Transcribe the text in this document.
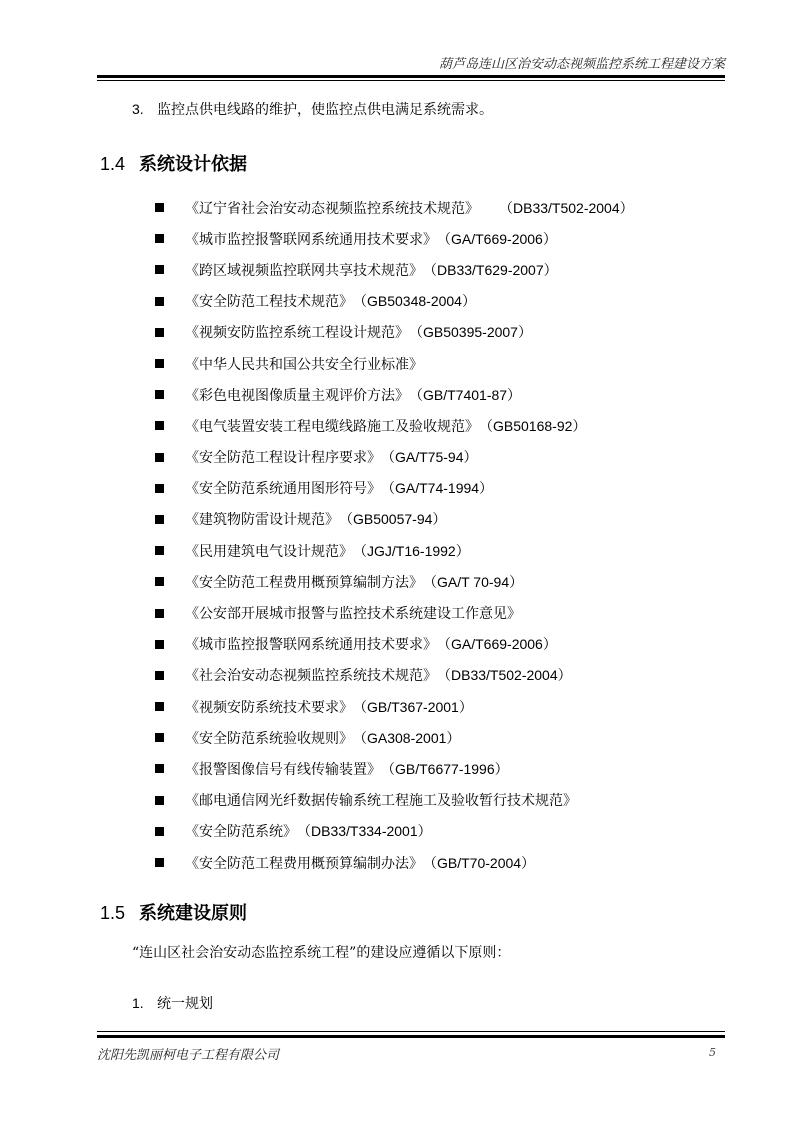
葫芦岛连山区治安动态视频监控系统工程建设方案
3. 监控点供电线路的维护，使监控点供电满足系统需求。
1.4 系统设计依据
《辽宁省社会治安动态视频监控系统技术规范》 （DB33/T502-2004）
《城市监控报警联网系统通用技术要求》 （GA/T669-2006）
《跨区域视频监控联网共享技术规范》 （DB33/T629-2007）
《安全防范工程技术规范》 （GB50348-2004）
《视频安防监控系统工程设计规范》 （GB50395-2007）
《中华人民共和国公共安全行业标准》
《彩色电视图像质量主观评价方法》 （GB/T7401-87）
《电气装置安装工程电缆线路施工及验收规范》 （GB50168-92）
《安全防范工程设计程序要求》 （GA/T75-94）
《安全防范系统通用图形符号》 （GA/T74-1994）
《建筑物防雷设计规范》 （GB50057-94）
《民用建筑电气设计规范》 （JGJ/T16-1992）
《安全防范工程费用概预算编制方法》 （GA/T 70-94）
《公安部开展城市报警与监控技术系统建设工作意见》
《城市监控报警联网系统通用技术要求》 （GA/T669-2006）
《社会治安动态视频监控系统技术规范》 （DB33/T502-2004）
《视频安防系统技术要求》 （GB/T367-2001）
《安全防范系统验收规则》 （GA308-2001）
《报警图像信号有线传输装置》 （GB/T6677-1996）
《邮电通信网光纤数据传输系统工程施工及验收暂行技术规范》
《安全防范系统》 （DB33/T334-2001）
《安全防范工程费用概预算编制办法》 （GB/T70-2004）
1.5 系统建设原则
“连山区社会治安动态监控系统工程”的建设应遵循以下原则：
1. 统一规划
沈阳先凯丽柯电子工程有限公司	5
